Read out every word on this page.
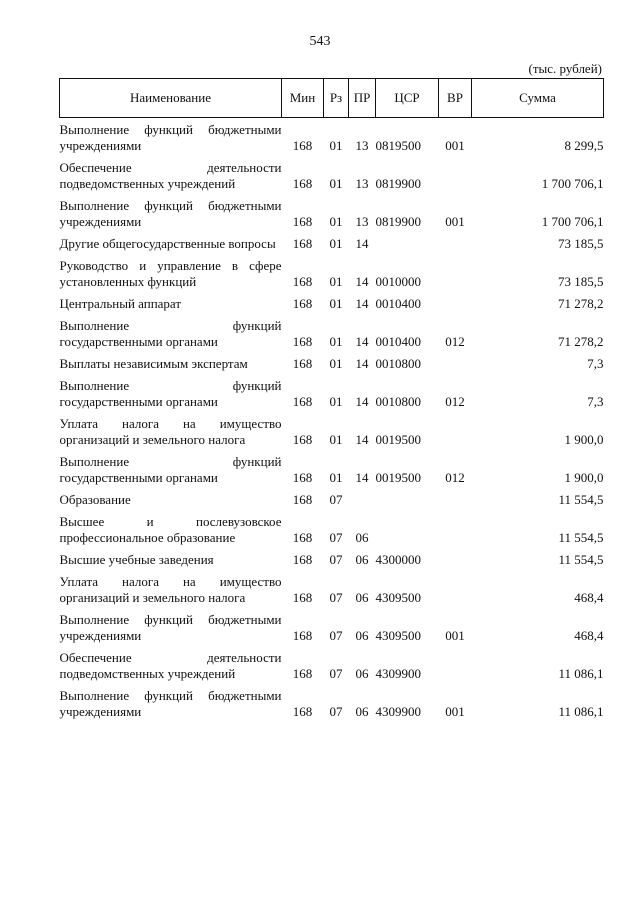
543
(тыс. рублей)
Наименование	Мин	Рз	ПР	ЦСР	ВР	Сумма
Выполнение функций бюджетными учреждениями	168	01	13	0819500	001	8 299,5
Обеспечение деятельности подведомственных учреждений	168	01	13	0819900		1 700 706,1
Выполнение функций бюджетными учреждениями	168	01	13	0819900	001	1 700 706,1
Другие общегосударственные вопросы	168	01	14			73 185,5
Руководство и управление в сфере установленных функций	168	01	14	0010000		73 185,5
Центральный аппарат	168	01	14	0010400		71 278,2
Выполнение функций государственными органами	168	01	14	0010400	012	71 278,2
Выплаты независимым экспертам	168	01	14	0010800		7,3
Выполнение функций государственными органами	168	01	14	0010800	012	7,3
Уплата налога на имущество организаций и земельного налога	168	01	14	0019500		1 900,0
Выполнение функций государственными органами	168	01	14	0019500	012	1 900,0
Образование	168	07				11 554,5
Высшее и послевузовское профессиональное образование	168	07	06			11 554,5
Высшие учебные заведения	168	07	06	4300000		11 554,5
Уплата налога на имущество организаций и земельного налога	168	07	06	4309500		468,4
Выполнение функций бюджетными учреждениями	168	07	06	4309500	001	468,4
Обеспечение деятельности подведомственных учреждений	168	07	06	4309900		11 086,1
Выполнение функций бюджетными учреждениями	168	07	06	4309900	001	11 086,1
